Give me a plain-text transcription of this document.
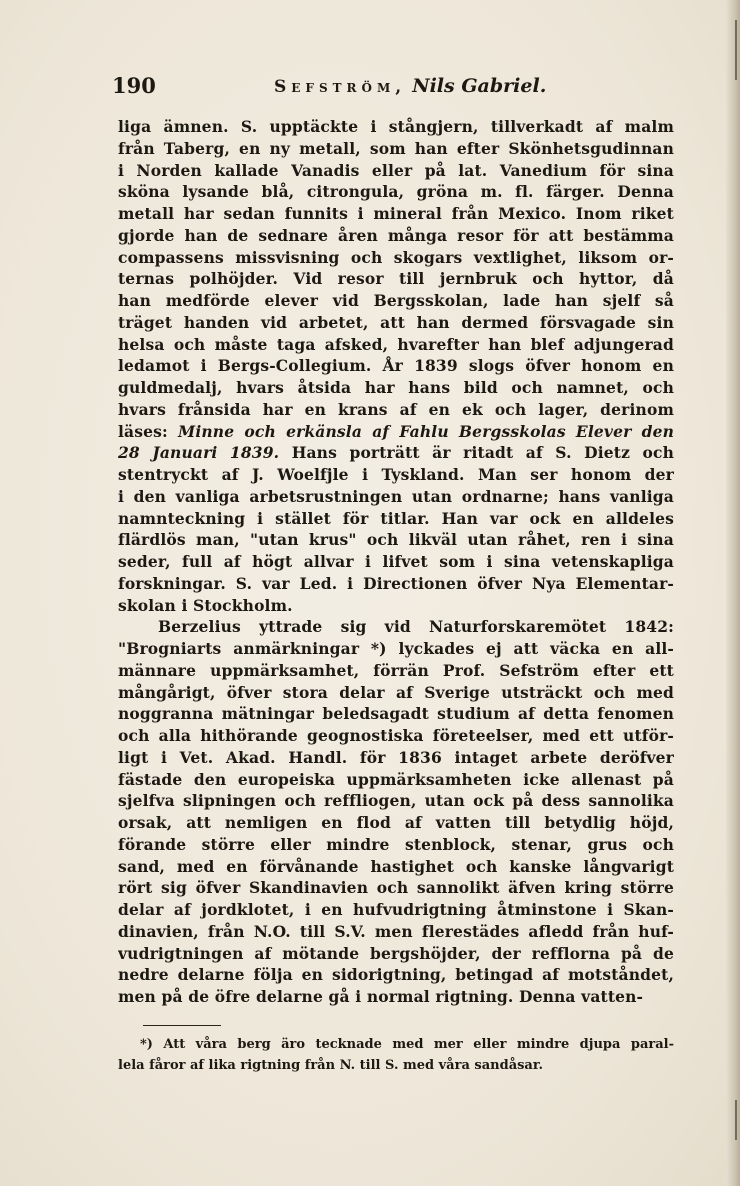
190	Sefström, Nils Gabriel.
liga ämnen. S. upptäckte i stångjern, tillverkadt af malm
från Taberg, en ny metall, som han efter Skönhetsgudinnan
i Norden kallade Vanadis eller på lat. Vanedium för sina
sköna lysande blå, citrongula, gröna m. fl. färger. Denna
metall har sedan funnits i mineral från Mexico. Inom riket
gjorde han de sednare åren många resor för att bestämma
compassens missvisning och skogars vextlighet, liksom or-
ternas polhöjder. Vid resor till jernbruk och hyttor, då
han medförde elever vid Bergsskolan, lade han sjelf så
träget handen vid arbetet, att han dermed försvagade sin
helsa och måste taga afsked, hvarefter han blef adjungerad
ledamot i Bergs-Collegium. År 1839 slogs öfver honom en
guldmedalj, hvars åtsida har hans bild och namnet, och
hvars frånsida har en krans af en ek och lager, derinom
läses: Minne och erkänsla af Fahlu Bergsskolas Elever den
28 Januari 1839. Hans porträtt är ritadt af S. Dietz och
stentryckt af J. Woelfjle i Tyskland. Man ser honom der
i den vanliga arbetsrustningen utan ordnarne; hans vanliga
namnteckning i stället för titlar. Han var ock en alldeles
flärdlös man, "utan krus" och likväl utan råhet, ren i sina
seder, full af högt allvar i lifvet som i sina vetenskapliga
forskningar. S. var Led. i Directionen öfver Nya Elementar-
skolan i Stockholm.
Berzelius yttrade sig vid Naturforskaremötet 1842:
"Brogniarts anmärkningar *) lyckades ej att väcka en all-
männare uppmärksamhet, förrän Prof. Sefström efter ett
mångårigt, öfver stora delar af Sverige utsträckt och med
noggranna mätningar beledsagadt studium af detta fenomen
och alla hithörande geognostiska företeelser, med ett utför-
ligt i Vet. Akad. Handl. för 1836 intaget arbete deröfver
fästade den europeiska uppmärksamheten icke allenast på
sjelfva slipningen och reffliogen, utan ock på dess sannolika
orsak, att nemligen en flod af vatten till betydlig höjd,
förande större eller mindre stenblock, stenar, grus och
sand, med en förvånande hastighet och kanske långvarigt
rört sig öfver Skandinavien och sannolikt äfven kring större
delar af jordklotet, i en hufvudrigtning åtminstone i Skan-
dinavien, från N.O. till S.V. men flerestädes afledd från huf-
vudrigtningen af mötande bergshöjder, der refflorna på de
nedre delarne följa en sidorigtning, betingad af motståndet,
men på de öfre delarne gå i normal rigtning. Denna vatten-
*) Att våra berg äro tecknade med mer eller mindre djupa paral-
lela fåror af lika rigtning från N. till S. med våra sandåsar.
